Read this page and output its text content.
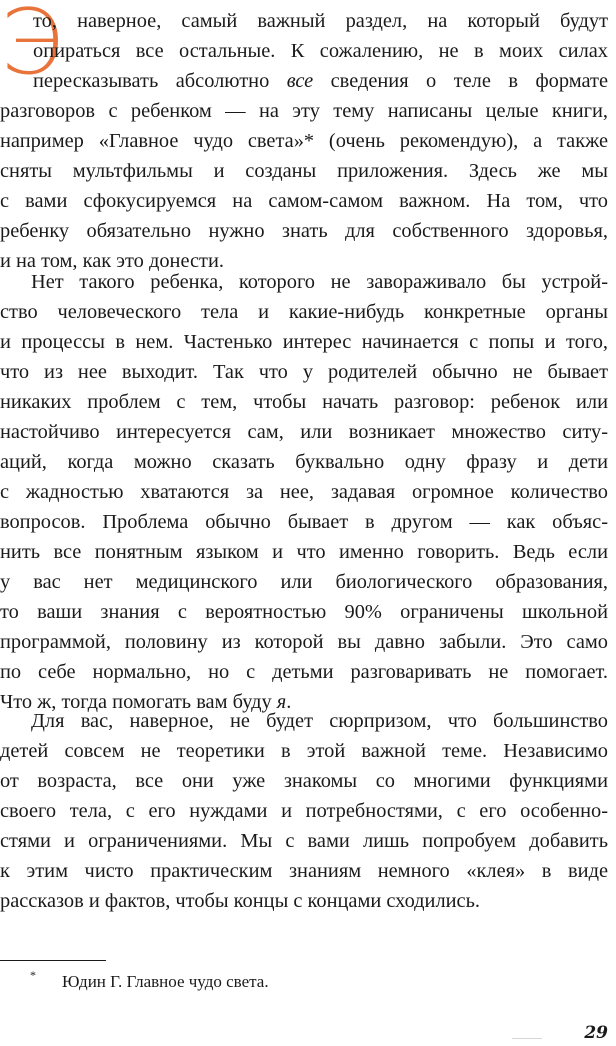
Э
то, наверное, самый важный раздел, на который будут
опираться все остальные. К сожалению, не в моих силах
пересказывать абсолютно все сведения о теле в формате
разговоров с ребенком — на эту тему написаны целые книги,
например «Главное чудо света»* (очень рекомендую), а также
сняты мультфильмы и созданы приложения. Здесь же мы
с вами сфокусируемся на самом-самом важном. На том, что
ребенку обязательно нужно знать для собственного здоровья,
и на том, как это донести.
Нет такого ребенка, которого не завораживало бы устрой-
ство человеческого тела и какие-нибудь конкретные органы
и процессы в нем. Частенько интерес начинается с попы и того,
что из нее выходит. Так что у родителей обычно не бывает
никаких проблем с тем, чтобы начать разговор: ребенок или
настойчиво интересуется сам, или возникает множество ситу-
аций, когда можно сказать буквально одну фразу и дети
с жадностью хватаются за нее, задавая огромное количество
вопросов. Проблема обычно бывает в другом — как объяс-
нить все понятным языком и что именно говорить. Ведь если
у вас нет медицинского или биологического образования,
то ваши знания с вероятностью 90% ограничены школьной
программой, половину из которой вы давно забыли. Это само
по себе нормально, но с детьми разговаривать не помогает.
Что ж, тогда помогать вам буду я.
Для вас, наверное, не будет сюрпризом, что большинство
детей совсем не теоретики в этой важной теме. Независимо
от возраста, все они уже знакомы со многими функциями
своего тела, с его нуждами и потребностями, с его особенно-
стями и ограничениями. Мы с вами лишь попробуем добавить
к этим чисто практическим знаниям немного «клея» в виде
рассказов и фактов, чтобы концы с концами сходились.
* Юдин Г. Главное чудо света.
29
